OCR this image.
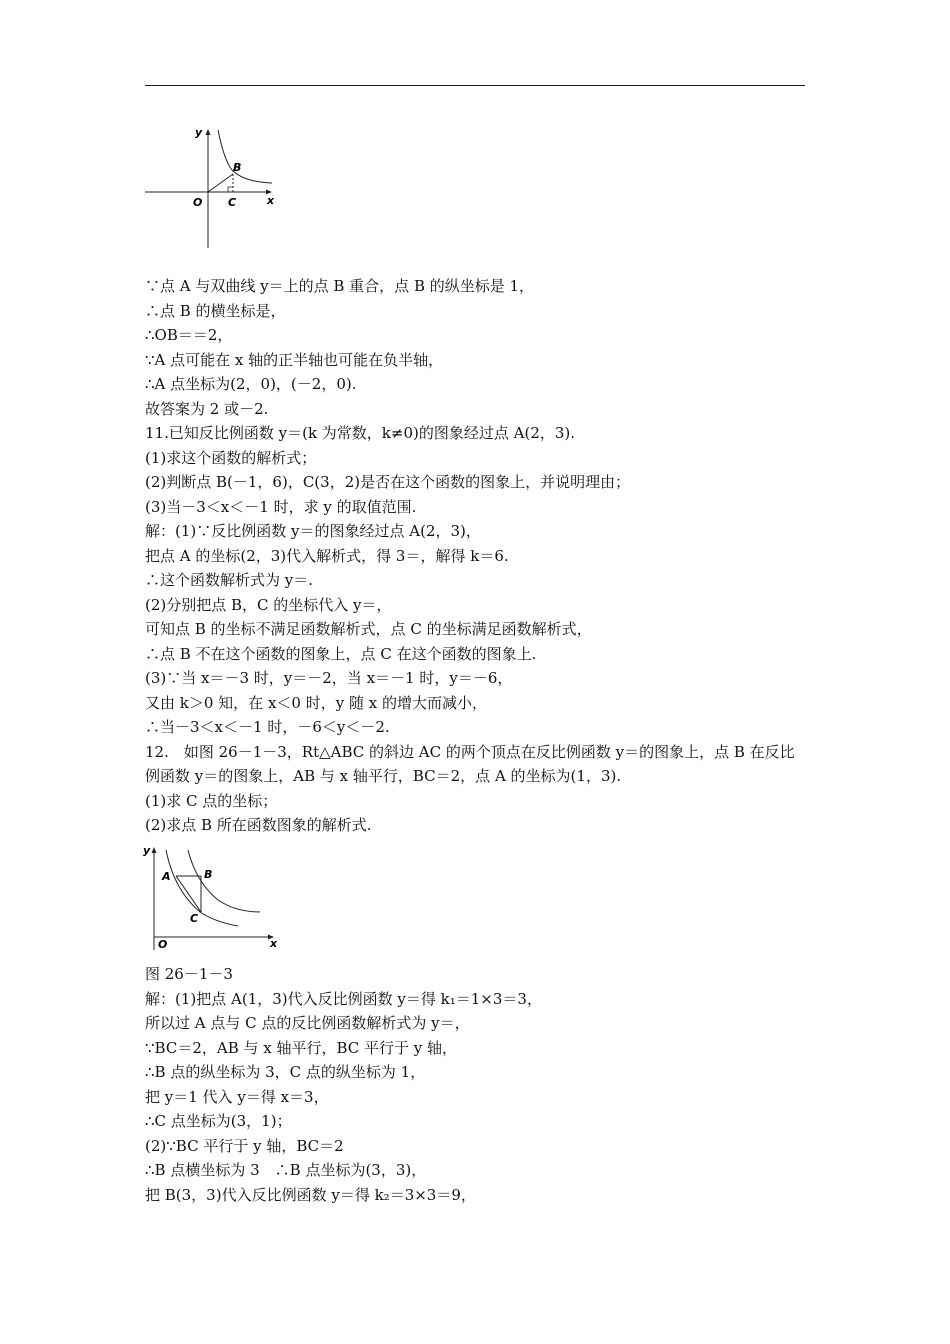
y
x
O
B
C
∵点 A 与双曲线 y＝上的点 B 重合，点 B 的纵坐标是 1，
∴点 B 的横坐标是，
∴OB＝＝2，
∵A 点可能在 x 轴的正半轴也可能在负半轴，
∴A 点坐标为(2，0)，(－2，0).
故答案为 2 或－2.
11.已知反比例函数 y＝(k 为常数，k≠0)的图象经过点 A(2，3).
(1)求这个函数的解析式；
(2)判断点 B(－1，6)，C(3，2)是否在这个函数的图象上，并说明理由；
(3)当－3＜x＜－1 时，求 y 的取值范围.
解：(1)∵反比例函数 y＝的图象经过点 A(2，3)，
把点 A 的坐标(2，3)代入解析式，得 3＝，解得 k＝6.
∴这个函数解析式为 y＝.
(2)分别把点 B，C 的坐标代入 y＝，
可知点 B 的坐标不满足函数解析式，点 C 的坐标满足函数解析式，
∴点 B 不在这个函数的图象上，点 C 在这个函数的图象上.
(3)∵当 x＝－3 时，y＝－2，当 x＝－1 时，y＝－6，
又由 k＞0 知，在 x＜0 时，y 随 x 的增大而减小，
∴当－3＜x＜－1 时，－6＜y＜－2.
12.　如图 26－1－3，Rt△ABC 的斜边 AC 的两个顶点在反比例函数 y＝的图象上，点 B 在反比
例函数 y＝的图象上，AB 与 x 轴平行，BC＝2，点 A 的坐标为(1，3).
(1)求 C 点的坐标；
(2)求点 B 所在函数图象的解析式.
y
x
O
A	B
C
图 26－1－3
解：(1)把点 A(1，3)代入反比例函数 y＝得 k₁＝1×3＝3，
所以过 A 点与 C 点的反比例函数解析式为 y＝，
∵BC＝2，AB 与 x 轴平行，BC 平行于 y 轴，
∴B 点的纵坐标为 3，C 点的纵坐标为 1，
把 y＝1 代入 y＝得 x＝3，
∴C 点坐标为(3，1)；
(2)∵BC 平行于 y 轴，BC＝2
∴B 点横坐标为 3　∴B 点坐标为(3，3)，
把 B(3，3)代入反比例函数 y＝得 k₂＝3×3＝9，
